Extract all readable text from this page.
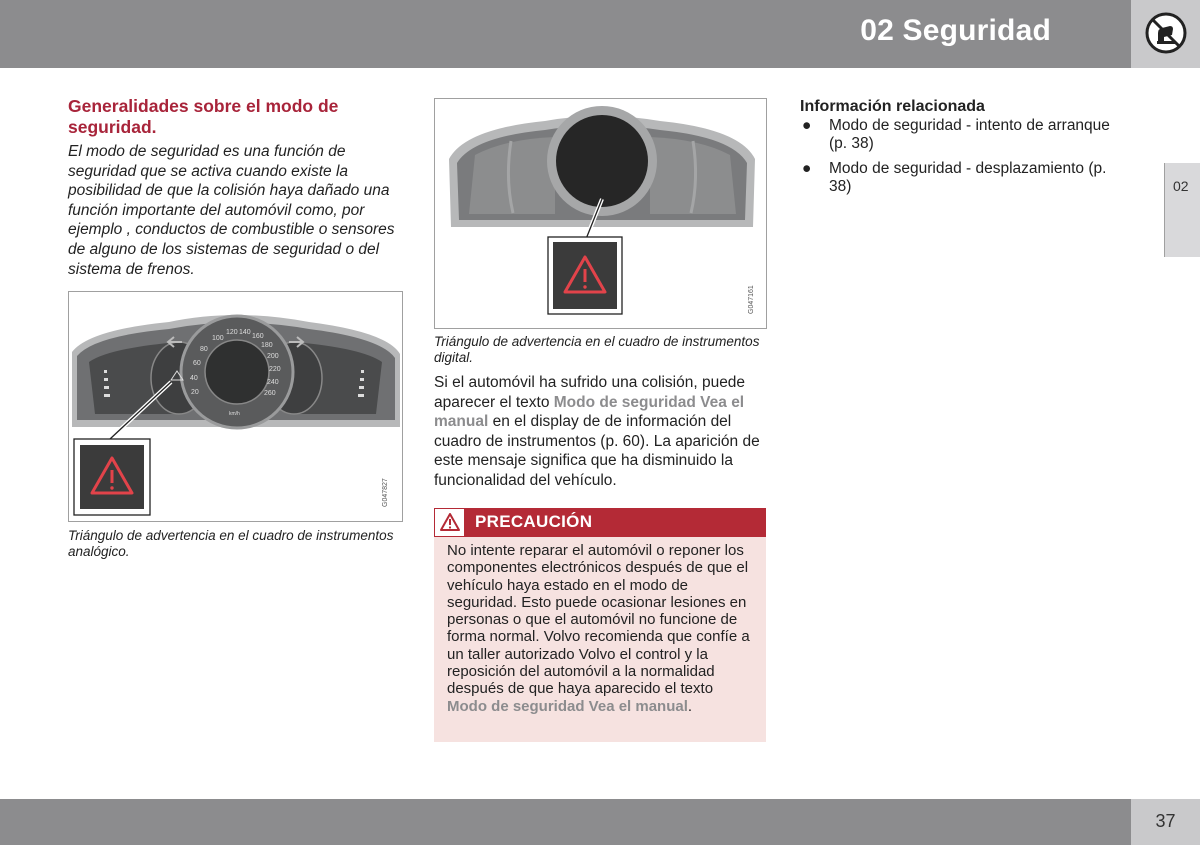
02 Seguridad
02
Generalidades sobre el modo de seguridad.

El modo de seguridad es una función de seguridad que se activa cuando existe la posibilidad de que la colisión haya dañado una función importante del automóvil como, por ejemplo , conductos de combustible o sensores de alguno de los sistemas de seguridad o del sistema de frenos.

20
40
60
80
100
120 140
160
180
200
220
240
260
km/h
G047827
Triángulo de advertencia en el cuadro de instrumentos analógico.
G047161
Triángulo de advertencia en el cuadro de instrumentos digital.

Si el automóvil ha sufrido una colisión, puede aparecer el texto Modo de seguridad Vea el manual en el display de de información del cuadro de instrumentos (p. 60). La aparición de este mensaje significa que ha disminuido la funcionalidad del vehículo.

PRECAUCIÓN

No intente reparar el automóvil o reponer los componentes electrónicos después de que el vehículo haya estado en el modo de seguridad. Esto puede ocasionar lesiones en personas o que el automóvil no funcione de forma normal. Volvo recomienda que confíe a un taller autorizado Volvo el control y la reposición del automóvil a la normalidad después de que haya aparecido el texto Modo de seguridad Vea el manual.

Información relacionada
● Modo de seguridad - intento de arranque (p. 38)
● Modo de seguridad - desplazamiento (p. 38)
37
